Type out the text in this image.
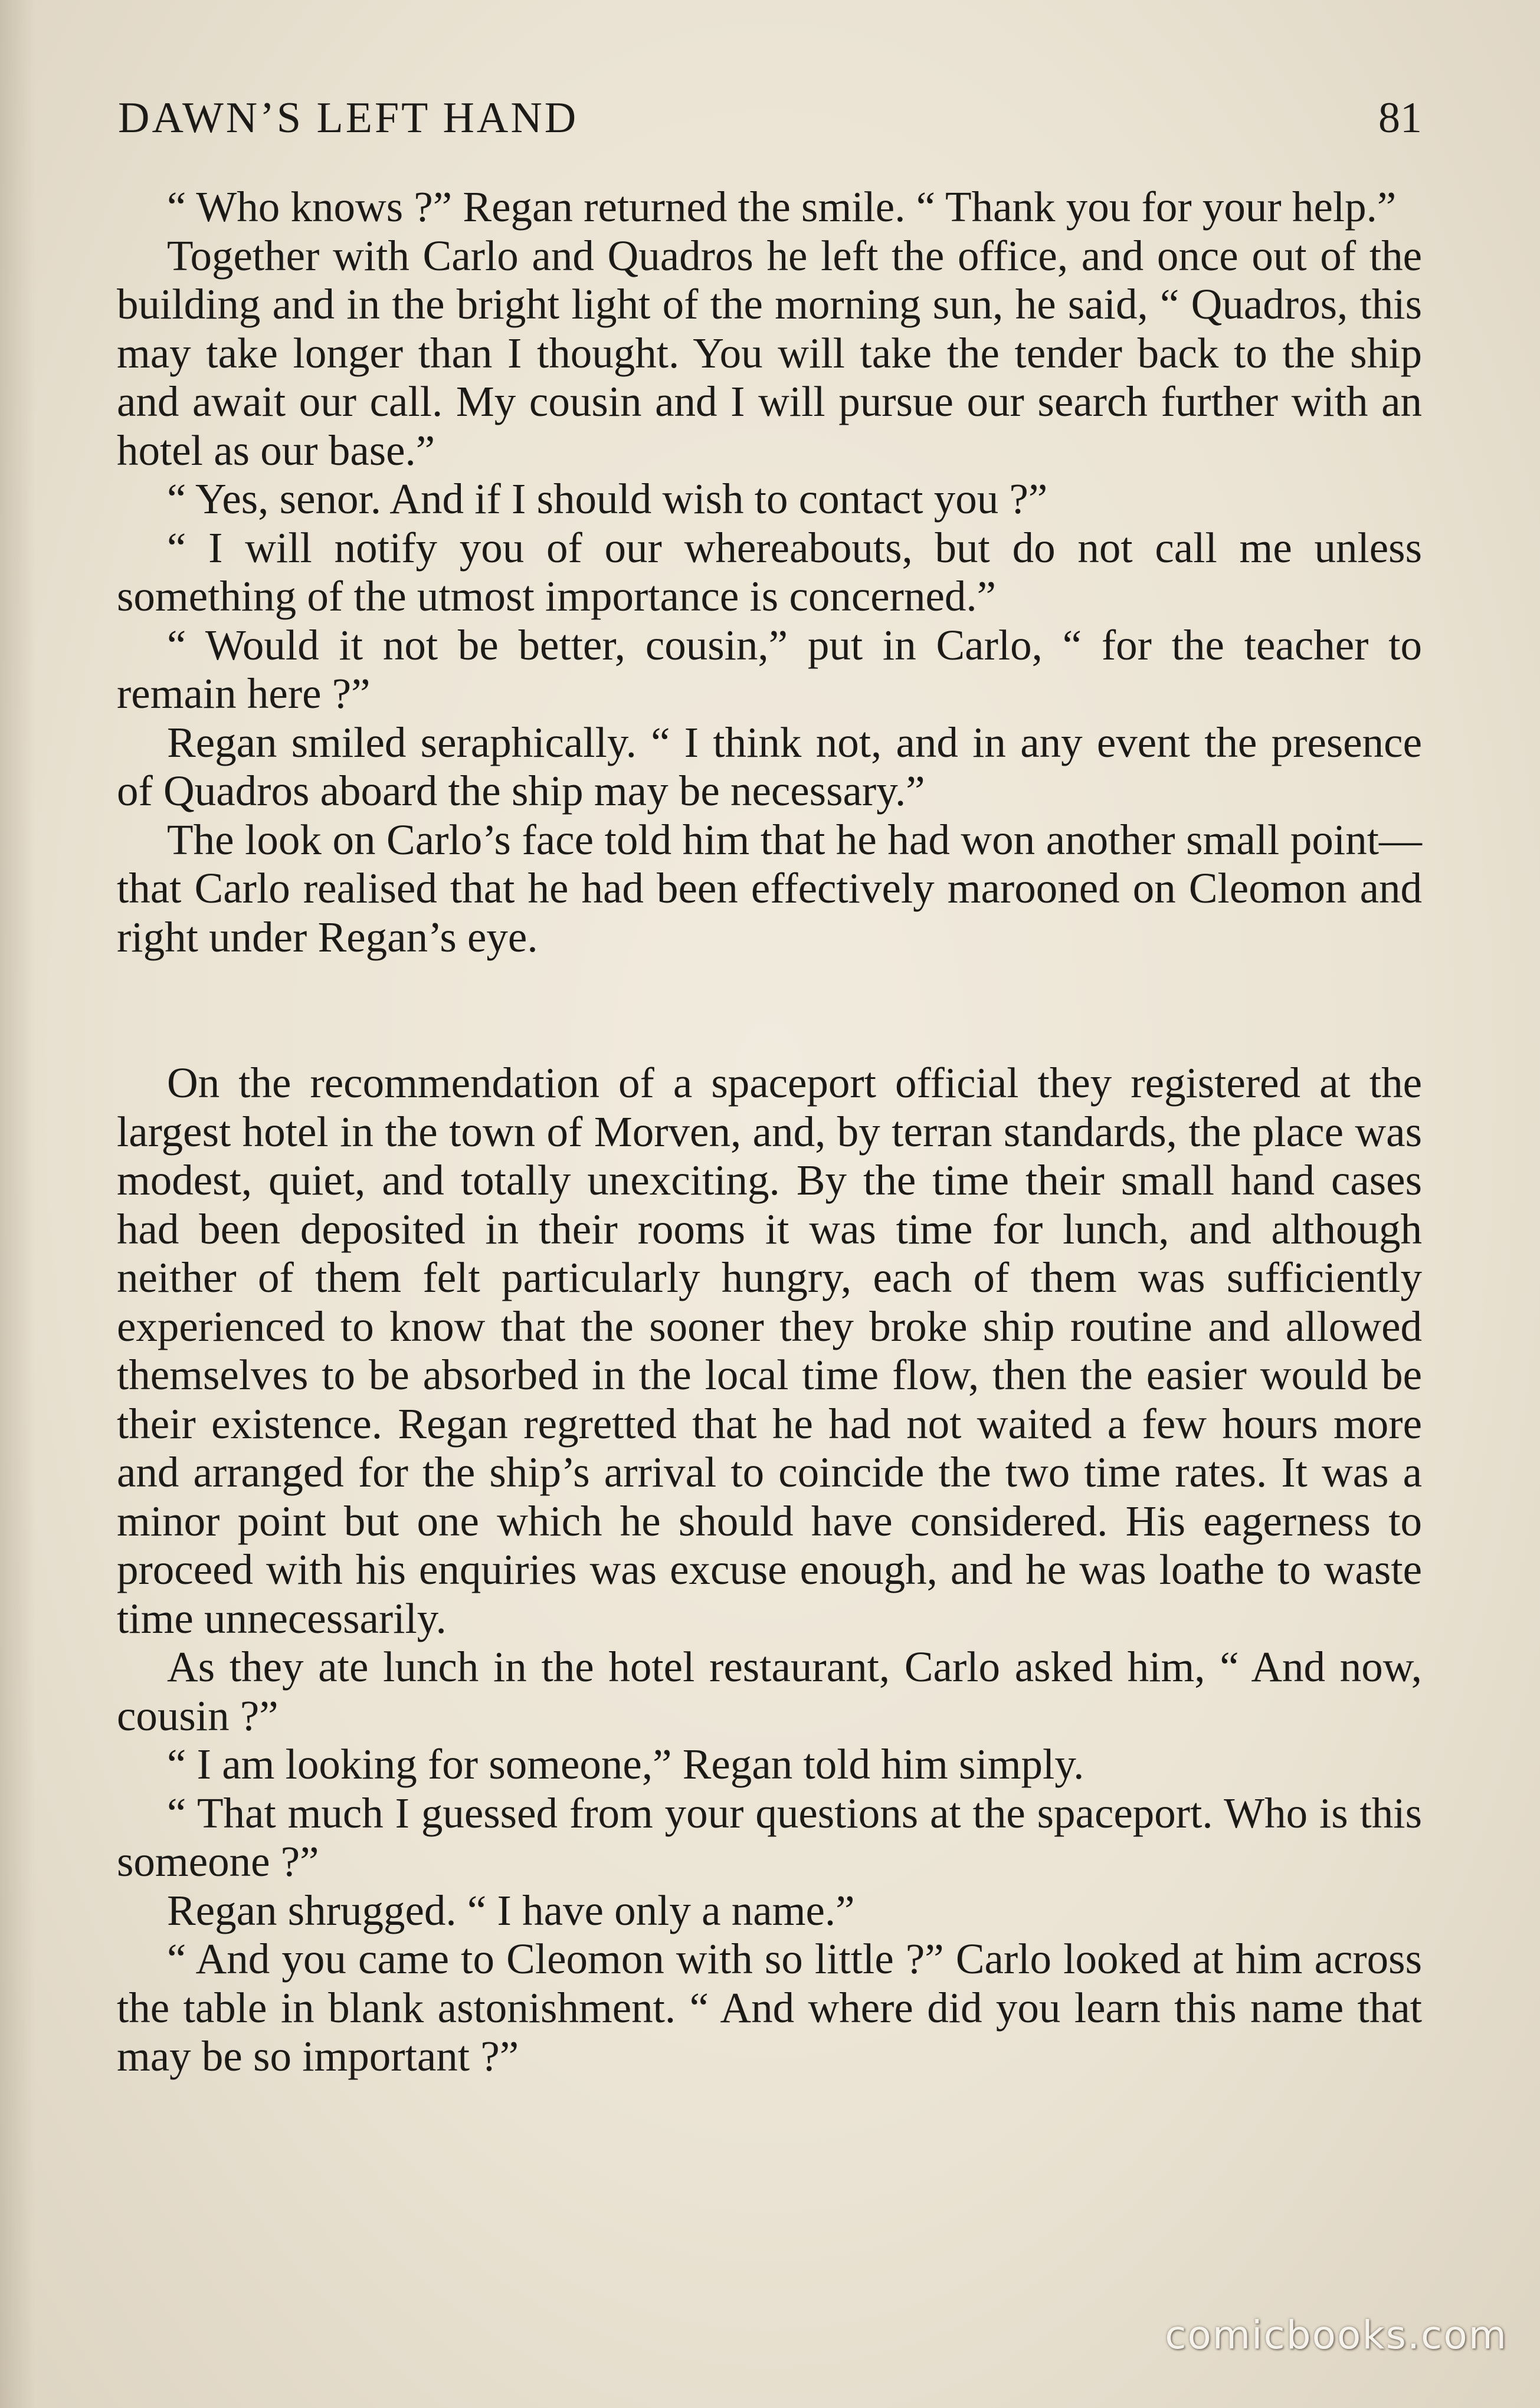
DAWN’S LEFT HAND	81

“ Who knows ?” Regan returned the smile. “ Thank you for your help.”

Together with Carlo and Quadros he left the office, and once out of the building and in the bright light of the morning sun, he said, “ Quadros, this may take longer than I thought. You will take the tender back to the ship and await our call. My cousin and I will pursue our search further with an hotel as our base.”

“ Yes, senor. And if I should wish to contact you ?”

“ I will notify you of our whereabouts, but do not call me unless something of the utmost importance is concerned.”

“ Would it not be better, cousin,” put in Carlo, “ for the teacher to remain here ?”

Regan smiled seraphically. “ I think not, and in any event the presence of Quadros aboard the ship may be necessary.”

The look on Carlo’s face told him that he had won another small point—that Carlo realised that he had been effectively marooned on Cleomon and right under Regan’s eye.

On the recommendation of a spaceport official they registered at the largest hotel in the town of Morven, and, by terran standards, the place was modest, quiet, and totally unexciting. By the time their small hand cases had been deposited in their rooms it was time for lunch, and although neither of them felt particularly hungry, each of them was sufficiently experienced to know that the sooner they broke ship routine and allowed themselves to be absorbed in the local time flow, then the easier would be their existence. Regan regretted that he had not waited a few hours more and arranged for the ship’s arrival to coincide the two time rates. It was a minor point but one which he should have considered. His eagerness to proceed with his enquiries was excuse enough, and he was loathe to waste time unnecessarily.

As they ate lunch in the hotel restaurant, Carlo asked him, “ And now, cousin ?”

“ I am looking for someone,” Regan told him simply.

“ That much I guessed from your questions at the spaceport. Who is this someone ?”

Regan shrugged. “ I have only a name.”

“ And you came to Cleomon with so little ?” Carlo looked at him across the table in blank astonishment. “ And where did you learn this name that may be so important ?”

comicbooks.com
